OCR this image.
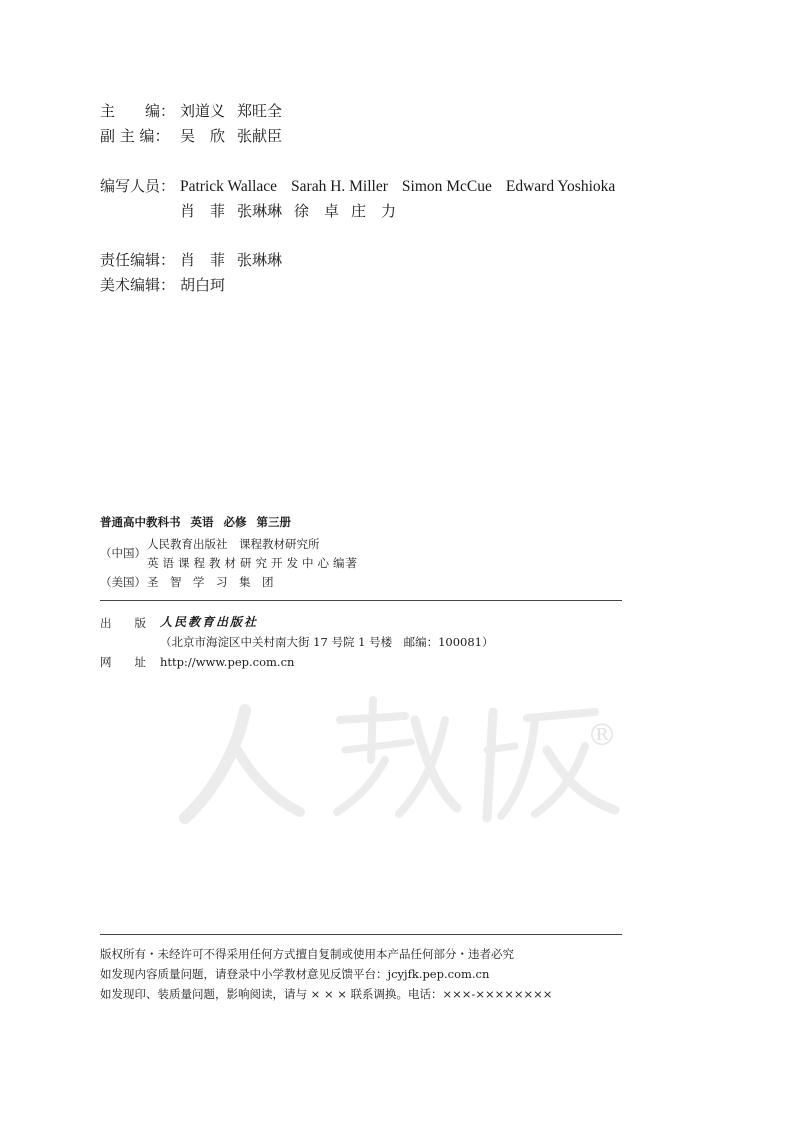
主　　编： 刘道义 郑旺全
副 主 编： 吴　欣 张献臣
编写人员： Patrick Wallace Sarah H. Miller Simon McCue Edward Yoshioka
肖　菲 张琳琳 徐　卓 庄　力
责任编辑： 肖　菲 张琳琳
美术编辑： 胡白珂
普通高中教科书 英语 必修 第三册
（中国）
人民教育出版社　课程教材研究所
英语课程教材研究开发中心编著
（美国） 圣　智　学　习　集　团
出　　版 人民教育出版社
（北京市海淀区中关村南大街 17 号院 1 号楼　邮编：100081）
网　　址 http://www.pep.com.cn
®
版权所有・未经许可不得采用任何方式擅自复制或使用本产品任何部分・违者必究
如发现内容质量问题，请登录中小学教材意见反馈平台：jcyjfk.pep.com.cn
如发现印、装质量问题，影响阅读，请与 × × × 联系调换。电话：×××-××××××××
